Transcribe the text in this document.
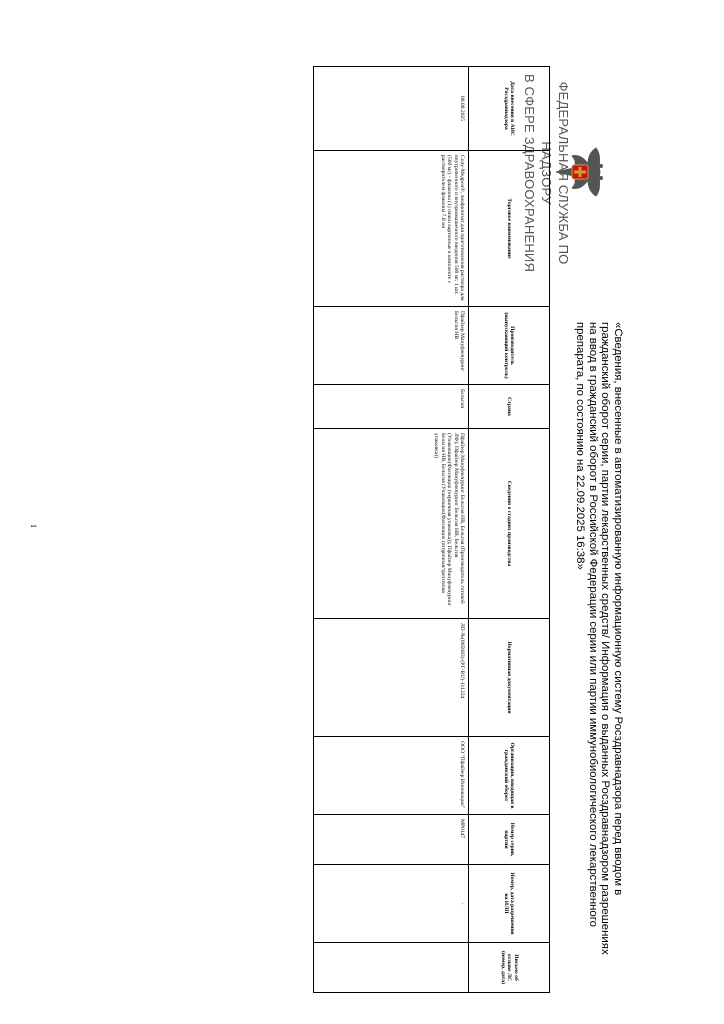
ФЕДЕРАЛЬНАЯ СЛУЖБА ПО НАДЗОРУ
В СФЕРЕ ЗДРАВООХРАНЕНИЯ
«Сведения, внесенные в автоматизированную информационную систему Росздравнадзора перед вводом в гражданский оборот серии, партии лекарственных средств/ Информация о выданных Росздравнадзором разрешениях на ввод в гражданский оборот в Российской Федерации серии или партии иммунобиологического лекарственного препарата, по состоянию на 22.09.2025 16:38»
Дата внесения в АИС Росздравнадзора	Торговое наименование	Производитель (выпускающий контроль)	Страна	Сведения о стадиях производства	Нормативная документация	Организация, вводящая в гражданский оборот	Номер серии, партии	Номер, дата разрешения на ИЛП	Письмо об отзыве ЛС (номер, дата)
08.08.2025	Солу-Медрол®, лиофилизат для приготовления раствора для внутривенного и внутримышечного введения 500 мг, 1 шт. (500 мг) - флаконы (1) пачки картонные в комплекте с растворителем флаконы 7.8 мл	Пфайзер Мануфэкчуринг Бельгия НВ	Бельгия	Пфайзер Мануфэкчуринг Бельгия НВ, Бельгия (Производитель готовой ЛФ); Пфайзер Мануфэкчуринг Бельгия НВ, Бельгия (Упаковщик(Фасовщик (первичная упаковка)); Пфайзер Мануфэкчуринг Бельгия НВ, Бельгия (Упаковщик(Фасовщик (вторичная/третичная упаковка))	ЛП-№(005683)-(РГ-RU)-111224	ООО "Пфайзер Инновации"	МР0147	-	
1
